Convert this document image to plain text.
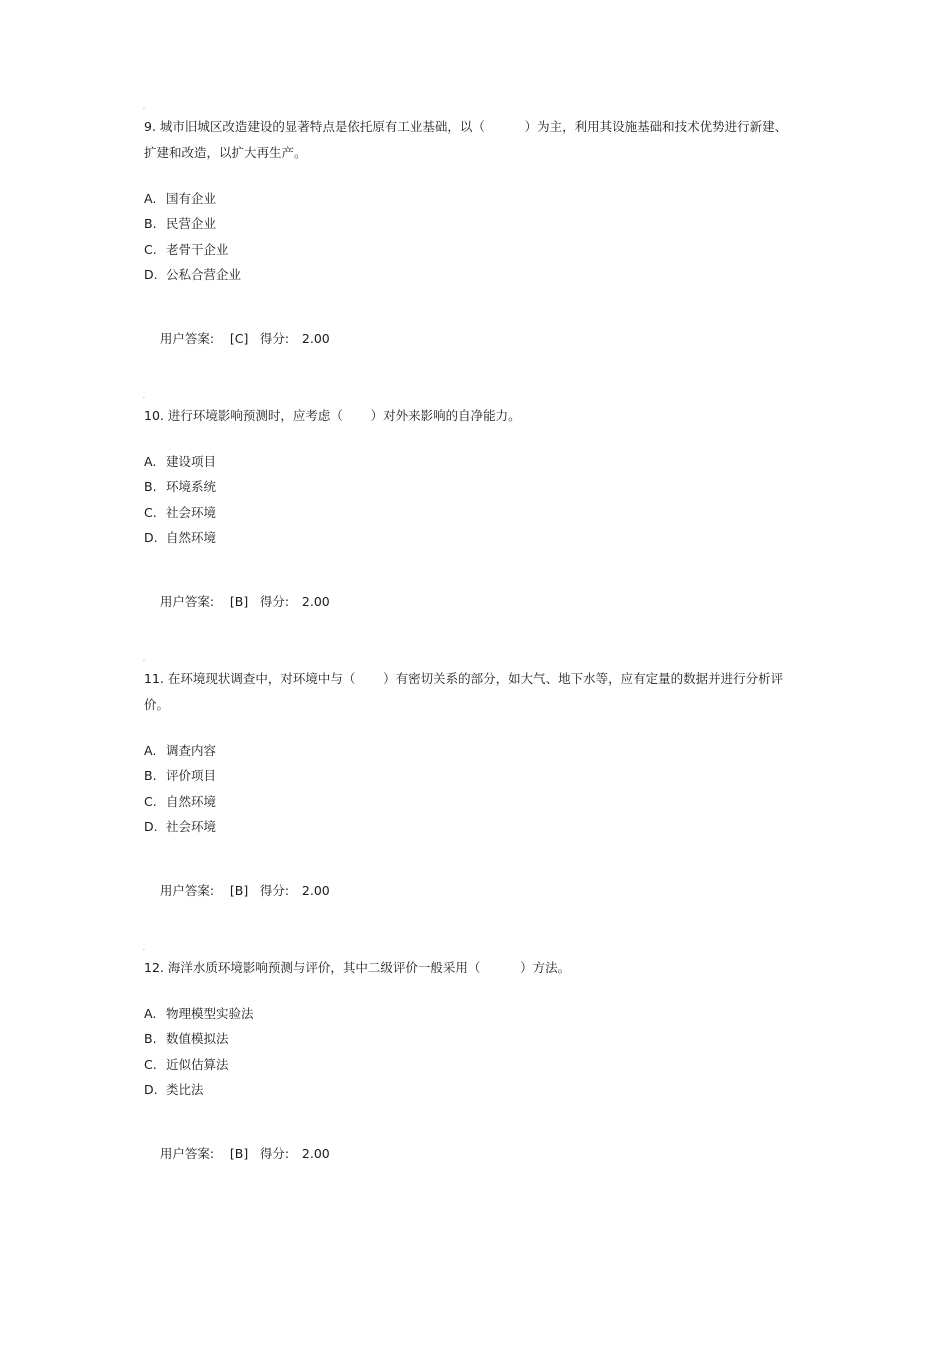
.

9. 城市旧城区改造建设的显著特点是依托原有工业基础，以（          ）为主，利用其设施基础和技术优势进行新建、扩建和改造，以扩大再生产。

A. 国有企业
B. 民营企业
C. 老骨干企业
D. 公私合营企业

用户答案: [C] 得分: 2.00

.

10. 进行环境影响预测时，应考虑（       ）对外来影响的自净能力。

A. 建设项目
B. 环境系统
C. 社会环境
D. 自然环境

用户答案: [B] 得分: 2.00

.

11. 在环境现状调查中，对环境中与（       ）有密切关系的部分，如大气、地下水等，应有定量的数据并进行分析评价。

A. 调查内容
B. 评价项目
C. 自然环境
D. 社会环境

用户答案: [B] 得分: 2.00

.

12. 海洋水质环境影响预测与评价，其中二级评价一般采用（          ）方法。

A. 物理模型实验法
B. 数值模拟法
C. 近似估算法
D. 类比法

用户答案: [B] 得分: 2.00
